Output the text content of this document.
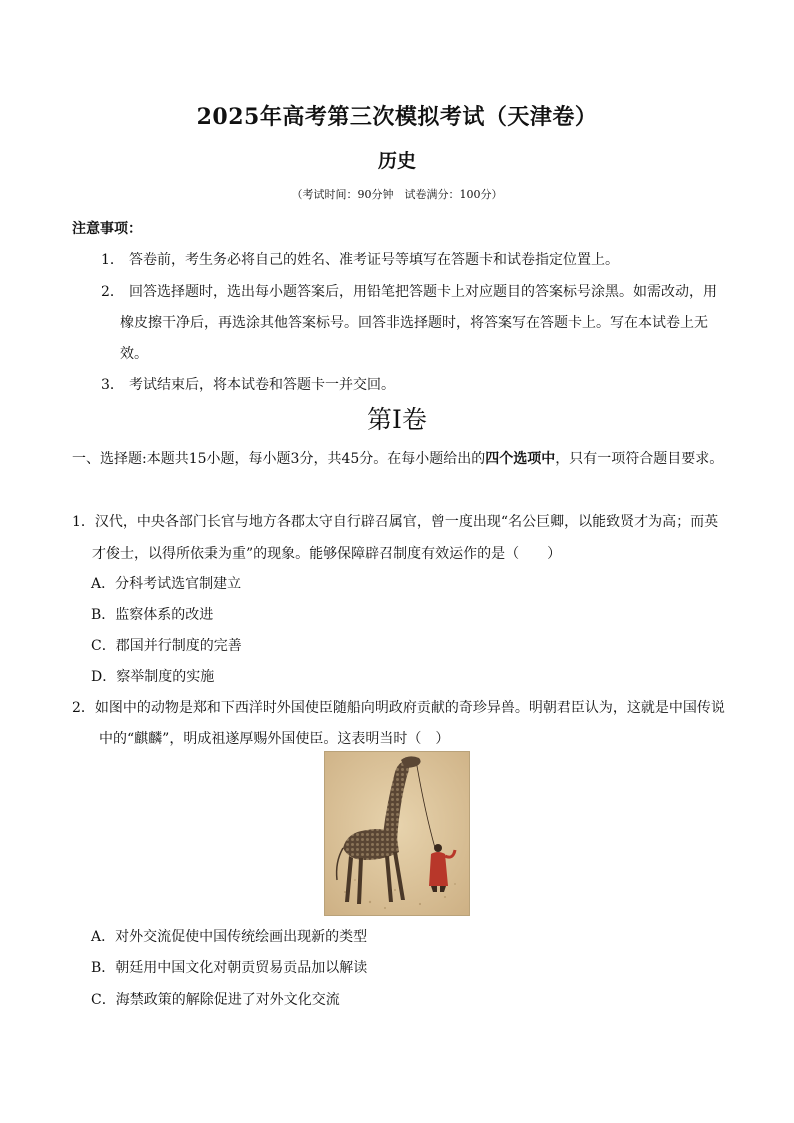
2025年高考第三次模拟考试（天津卷）
历史
（考试时间：90分钟　试卷满分：100分）
注意事项：
1． 答卷前，考生务必将自己的姓名、准考证号等填写在答题卡和试卷指定位置上。
2． 回答选择题时，选出每小题答案后，用铅笔把答题卡上对应题目的答案标号涂黑。如需改动，用
橡皮擦干净后，再选涂其他答案标号。回答非选择题时，将答案写在答题卡上。写在本试卷上无
效。
3． 考试结束后，将本试卷和答题卡一并交回。
第Ⅰ卷
一、选择题:本题共15小题，每小题3分，共45分。在每小题给出的四个选项中，只有一项符合题目要求。
1．汉代，中央各部门长官与地方各郡太守自行辟召属官，曾一度出现“名公巨卿，以能致贤才为高；而英
才俊士，以得所依秉为重”的现象。能够保障辟召制度有效运作的是（　　）
A．分科考试选官制建立
B．监察体系的改进
C．郡国并行制度的完善
D．察举制度的实施
2．如图中的动物是郑和下西洋时外国使臣随船向明政府贡献的奇珍异兽。明朝君臣认为，这就是中国传说
中的“麒麟”，明成祖遂厚赐外国使臣。这表明当时（　）
A．对外交流促使中国传统绘画出现新的类型
B．朝廷用中国文化对朝贡贸易贡品加以解读
C．海禁政策的解除促进了对外文化交流
